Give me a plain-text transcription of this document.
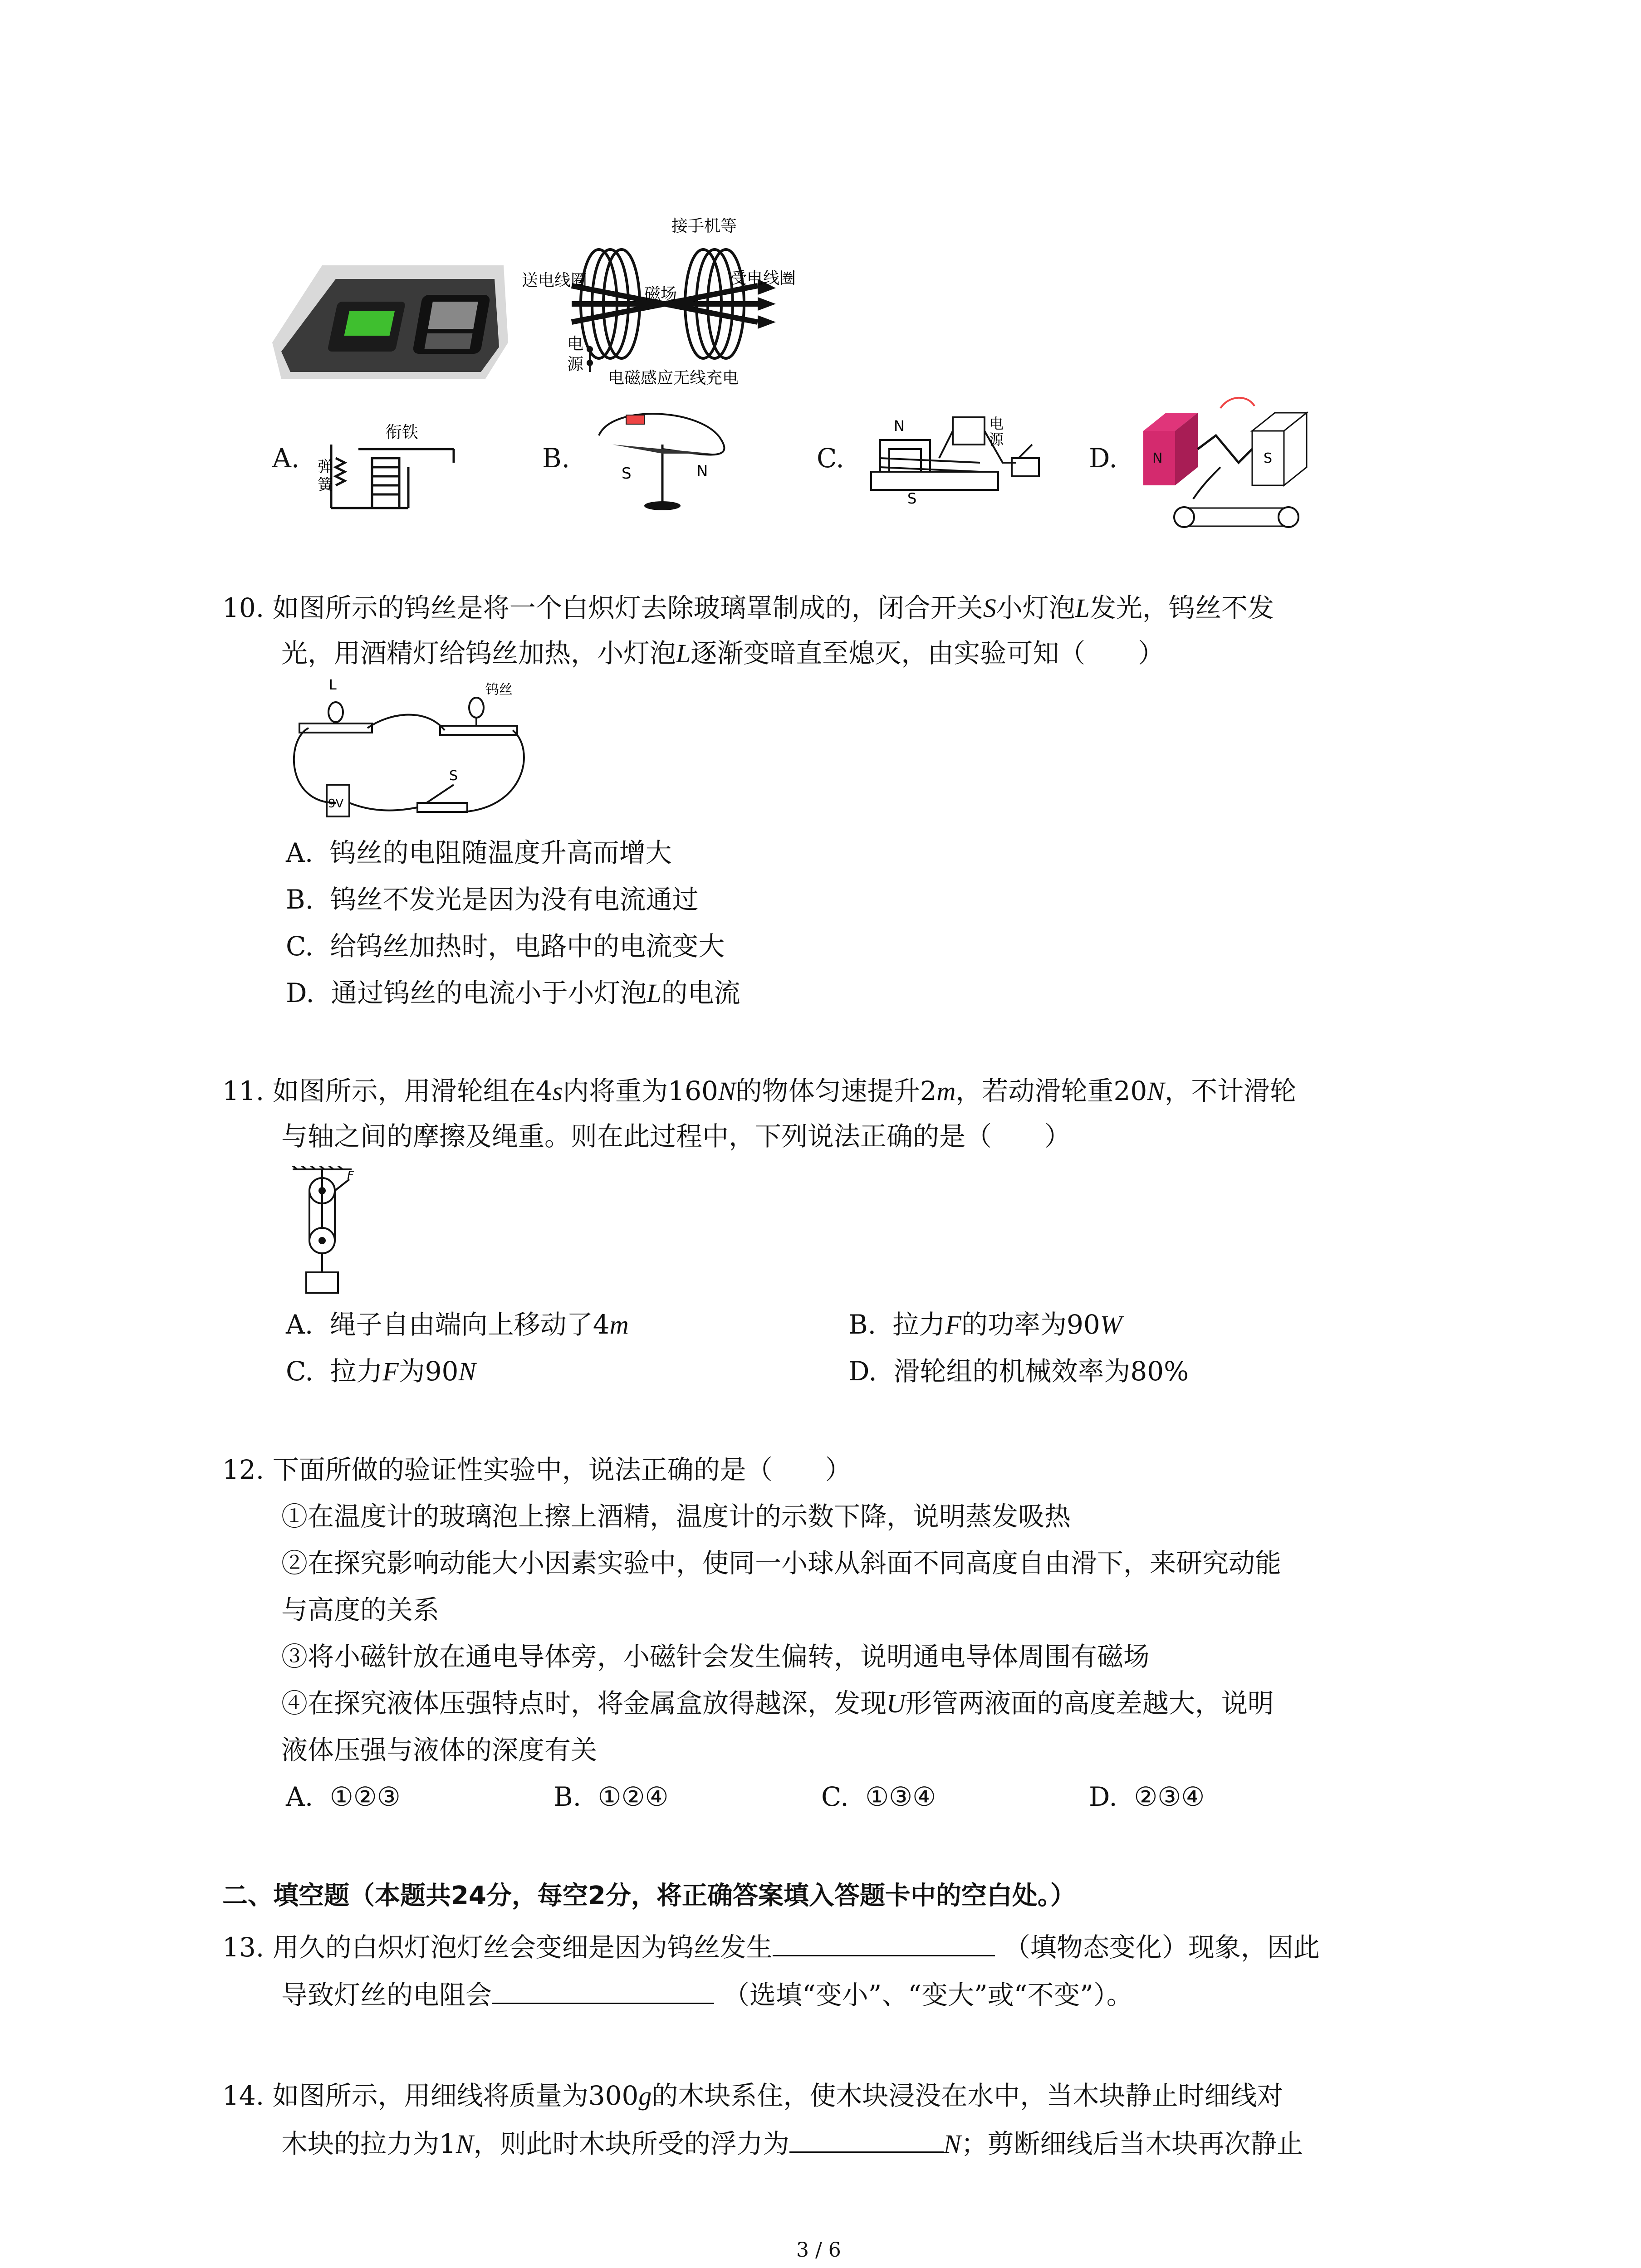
接手机等
送电线圈	受电线圈
磁场
电
源
电磁感应无线充电
A.
衔铁
弹
簧
B.	S	N	C.
N
S
电
源
D.	N	S
10. 如图所示的钨丝是将一个白炽灯去除玻璃罩制成的，闭合开关S小灯泡L发光，钨丝不发
光，用酒精灯给钨丝加热，小灯泡L逐渐变暗直至熄灭，由实验可知（　　）
L	钨丝
S
9V
A. 钨丝的电阻随温度升高而增大
B. 钨丝不发光是因为没有电流通过
C. 给钨丝加热时，电路中的电流变大
D. 通过钨丝的电流小于小灯泡L的电流
11. 如图所示，用滑轮组在4s内将重为160N的物体匀速提升2m，若动滑轮重20N，不计滑轮
与轴之间的摩擦及绳重。则在此过程中，下列说法正确的是（　　）
F
A. 绳子自由端向上移动了4m	B. 拉力F的功率为90W
C. 拉力F为90N	D. 滑轮组的机械效率为80%
12. 下面所做的验证性实验中，说法正确的是（　　）
①在温度计的玻璃泡上擦上酒精，温度计的示数下降，说明蒸发吸热
②在探究影响动能大小因素实验中，使同一小球从斜面不同高度自由滑下，来研究动能
与高度的关系
③将小磁针放在通电导体旁，小磁针会发生偏转，说明通电导体周围有磁场
④在探究液体压强特点时，将金属盒放得越深，发现U形管两液面的高度差越大，说明
液体压强与液体的深度有关
A. ①②③	B. ①②④	C. ①③④	D. ②③④
二、填空题（本题共24分，每空2分，将正确答案填入答题卡中的空白处。）
13. 用久的白炽灯泡灯丝会变细是因为钨丝发生	（填物态变化）现象，因此
导致灯丝的电阻会	（选填“变小”、“变大”或“不变”）。
14. 如图所示，用细线将质量为300g的木块系住，使木块浸没在水中，当木块静止时细线对
木块的拉力为1N，则此时木块所受的浮力为	N；剪断细线后当木块再次静止
3 / 6
